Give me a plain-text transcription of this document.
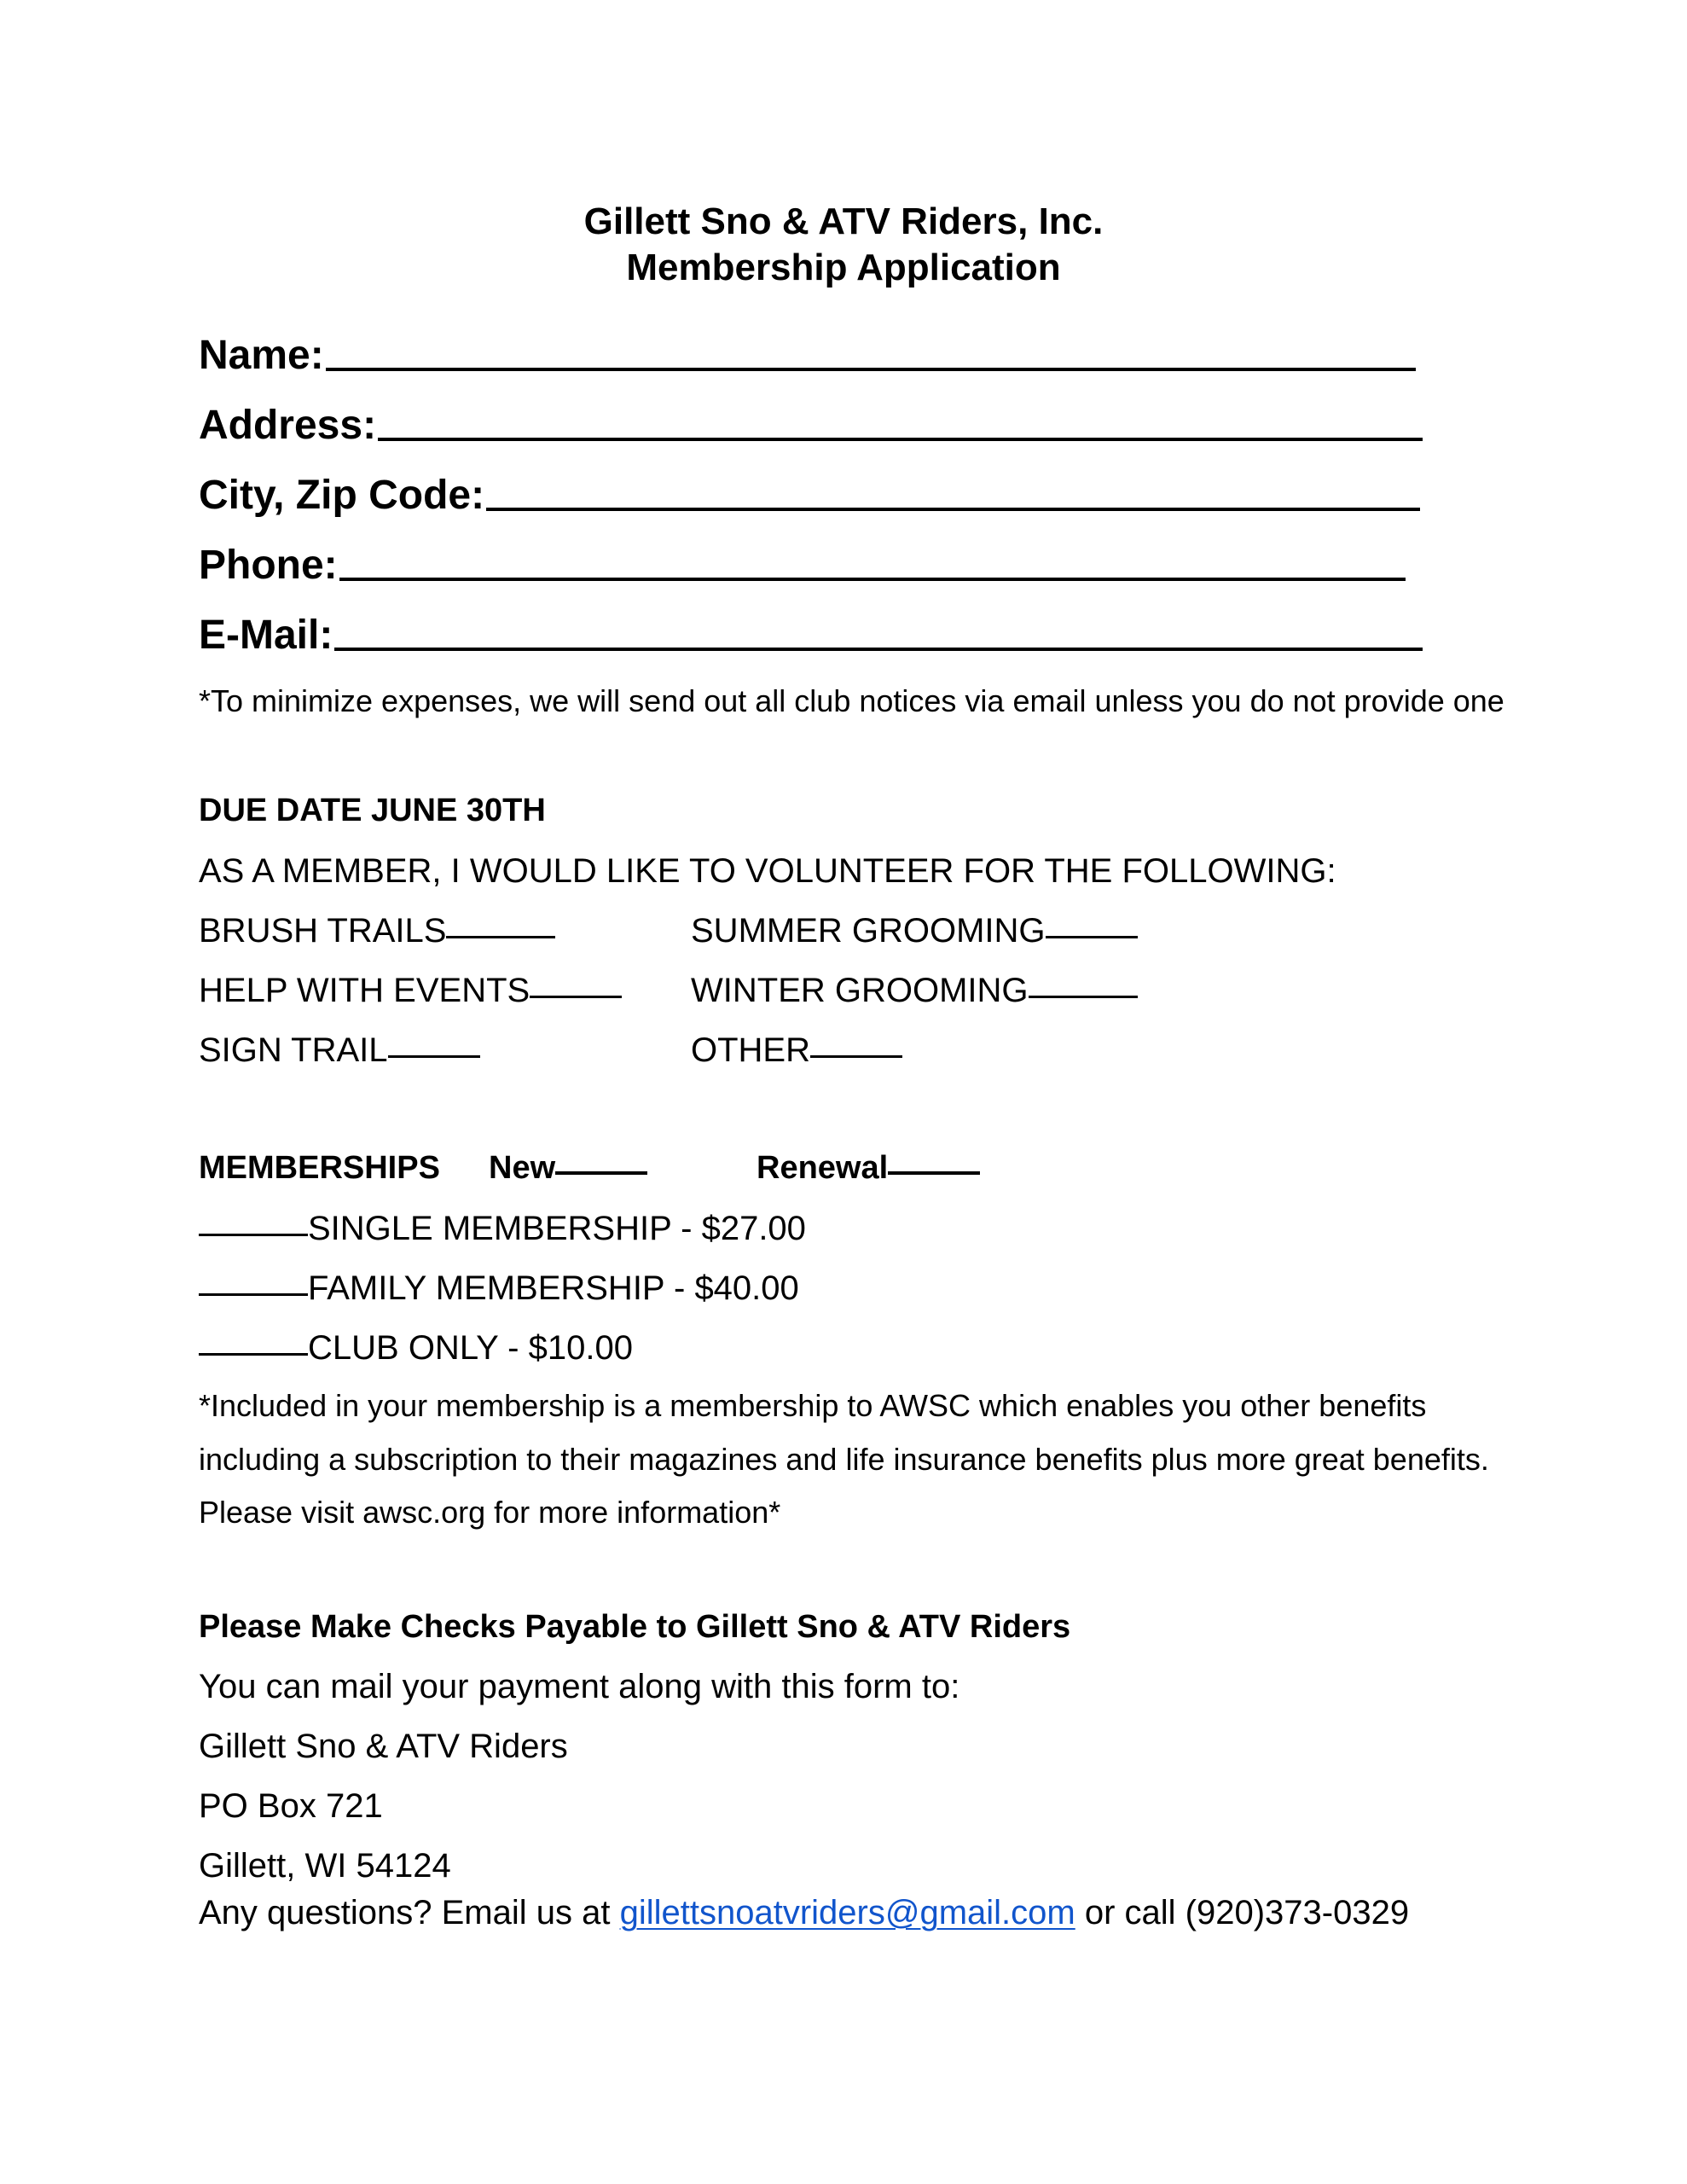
Gillett Sno & ATV Riders, Inc.
Membership Application
Name:
Address:
City, Zip Code:
Phone:
E-Mail:
*To minimize expenses, we will send out all club notices via email unless you do not provide one
DUE DATE JUNE 30TH
AS A MEMBER, I WOULD LIKE TO VOLUNTEER FOR THE FOLLOWING:
BRUSH TRAILS
HELP WITH EVENTS
SIGN TRAIL
SUMMER GROOMING
WINTER GROOMING
OTHER
MEMBERSHIPS New	Renewal
SINGLE MEMBERSHIP - $27.00
FAMILY MEMBERSHIP - $40.00
CLUB ONLY - $10.00
*Included in your membership is a membership to AWSC which enables you other benefits
including a subscription to their magazines and life insurance benefits plus more great benefits.
Please visit awsc.org for more information*
Please Make Checks Payable to Gillett Sno & ATV Riders
You can mail your payment along with this form to:
Gillett Sno & ATV Riders
PO Box 721
Gillett, WI 54124
Any questions? Email us at gillettsnoatvriders@gmail.com or call (920)373-0329
